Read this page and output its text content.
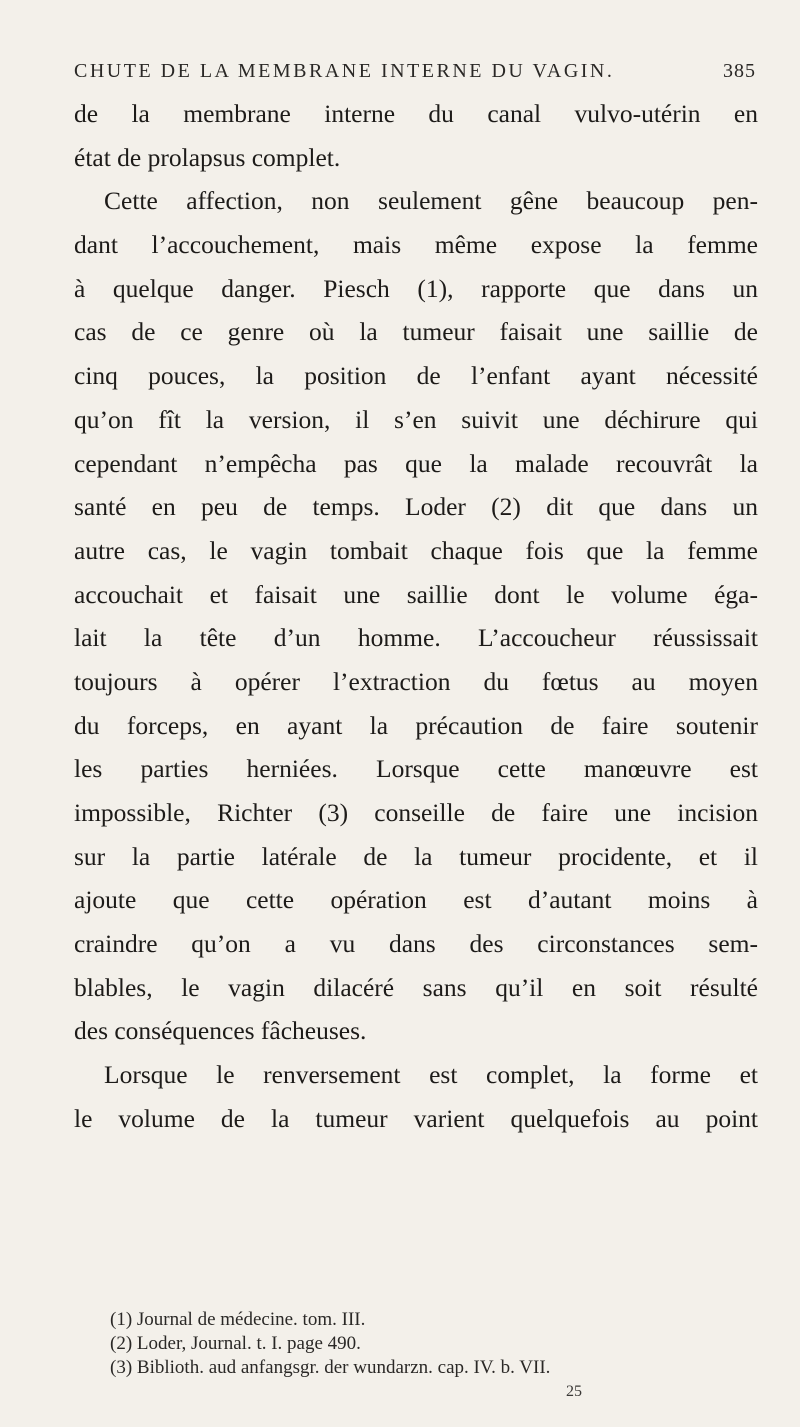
CHUTE DE LA MEMBRANE INTERNE DU VAGIN.	385
de la membrane interne du canal vulvo-utérin en
état de prolapsus complet.
Cette affection, non seulement gêne beaucoup pen-
dant l’accouchement, mais même expose la femme
à quelque danger. Piesch (1), rapporte que dans un
cas de ce genre où la tumeur faisait une saillie de
cinq pouces, la position de l’enfant ayant nécessité
qu’on fît la version, il s’en suivit une déchirure qui
cependant n’empêcha pas que la malade recouvrât la
santé en peu de temps. Loder (2) dit que dans un
autre cas, le vagin tombait chaque fois que la femme
accouchait et faisait une saillie dont le volume éga-
lait la tête d’un homme. L’accoucheur réussissait
toujours à opérer l’extraction du fœtus au moyen
du forceps, en ayant la précaution de faire soutenir
les parties herniées. Lorsque cette manœuvre est
impossible, Richter (3) conseille de faire une incision
sur la partie latérale de la tumeur procidente, et il
ajoute que cette opération est d’autant moins à
craindre qu’on a vu dans des circonstances sem-
blables, le vagin dilacéré sans qu’il en soit résulté
des conséquences fâcheuses.
Lorsque le renversement est complet, la forme et
le volume de la tumeur varient quelquefois au point
(1) Journal de médecine. tom. III.
(2) Loder, Journal. t. I. page 490.
(3) Biblioth. aud anfangsgr. der wundarzn. cap. IV. b. VII.
25
